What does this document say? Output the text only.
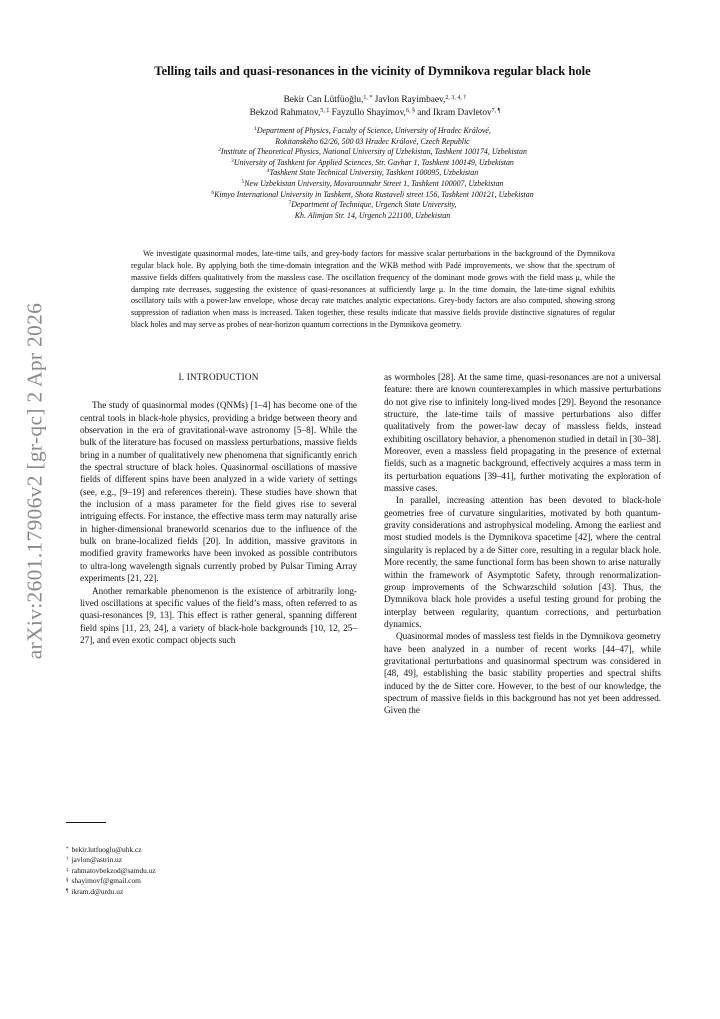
arXiv:2601.17906v2 [gr-qc] 2 Apr 2026
Telling tails and quasi-resonances in the vicinity of Dymnikova regular black hole
Bekir Can Lütfüoğlu,$^{1, *}$ Javlon Rayimbaev,$^{2, 3, 4, \dagger}$
Bekzod Rahmatov,$^{5, \ddagger}$ Fayzullo Shayimov,$^{6, \S}$ and Ikram Davletov$^{7, \P}$
$^1$Department of Physics, Faculty of Science, University of Hradec Králové,
Rokitanského 62/26, 500 03 Hradec Králové, Czech Republic
$^2$Institute of Theoretical Physics, National University of Uzbekistan, Tashkent 100174, Uzbekistan
$^3$University of Tashkent for Applied Sciences, Str. Gavhar 1, Tashkent 100149, Uzbekistan
$^4$Tashkent State Technical University, Tashkent 100095, Uzbekistan
$^5$New Uzbekistan University, Movarounnahr Street 1, Tashkent 100007, Uzbekistan
$^6$Kimyo International University in Tashkent, Shota Rustaveli street 156, Tashkent 100121, Uzbekistan
$^7$Department of Technique, Urgench State University,
Kh. Alimjan Str. 14, Urgench 221100, Uzbekistan
We investigate quasinormal modes, late-time tails, and grey-body factors for massive scalar perturbations in the background of the Dymnikova regular black hole. By applying both the time-domain integration and the WKB method with Padé improvements, we show that the spectrum of massive fields differs qualitatively from the massless case. The oscillation frequency of the dominant mode grows with the field mass μ, while the damping rate decreases, suggesting the existence of quasi-resonances at sufficiently large μ. In the time domain, the late-time signal exhibits oscillatory tails with a power-law envelope, whose decay rate matches analytic expectations. Grey-body factors are also computed, showing strong suppression of radiation when mass is increased. Taken together, these results indicate that massive fields provide distinctive signatures of regular black holes and may serve as probes of near-horizon quantum corrections in the Dymnikova geometry.
I. INTRODUCTION

The study of quasinormal modes (QNMs) [1–4] has become one of the central tools in black-hole physics, providing a bridge between theory and observation in the era of gravitational-wave astronomy [5–8]. While the bulk of the literature has focused on massless perturbations, massive fields bring in a number of qualitatively new phenomena that significantly enrich the spectral structure of black holes. Quasinormal oscillations of massive fields of different spins have been analyzed in a wide variety of settings (see, e.g., [9–19] and references therein). These studies have shown that the inclusion of a mass parameter for the field gives rise to several intriguing effects. For instance, the effective mass term may naturally arise in higher-dimensional braneworld scenarios due to the influence of the bulk on brane-localized fields [20]. In addition, massive gravitons in modified gravity frameworks have been invoked as possible contributors to ultra-long wavelength signals currently probed by Pulsar Timing Array experiments [21, 22].

Another remarkable phenomenon is the existence of arbitrarily long-lived oscillations at specific values of the field’s mass, often referred to as quasi-resonances [9, 13]. This effect is rather general, spanning different field spins [11, 23, 24], a variety of black-hole backgrounds [10, 12, 25–27], and even exotic compact objects such

as wormholes [28]. At the same time, quasi-resonances are not a universal feature: there are known counterexamples in which massive perturbations do not give rise to infinitely long-lived modes [29]. Beyond the resonance structure, the late-time tails of massive perturbations also differ qualitatively from the power-law decay of massless fields, instead exhibiting oscillatory behavior, a phenomenon studied in detail in [30–38]. Moreover, even a massless field propagating in the presence of external fields, such as a magnetic background, effectively acquires a mass term in its perturbation equations [39–41], further motivating the exploration of massive cases.

In parallel, increasing attention has been devoted to black-hole geometries free of curvature singularities, motivated by both quantum-gravity considerations and astrophysical modeling. Among the earliest and most studied models is the Dymnikova spacetime [42], where the central singularity is replaced by a de Sitter core, resulting in a regular black hole. More recently, the same functional form has been shown to arise naturally within the framework of Asymptotic Safety, through renormalization-group improvements of the Schwarzschild solution [43]. Thus, the Dymnikova black hole provides a useful testing ground for probing the interplay between regularity, quantum corrections, and perturbation dynamics.

Quasinormal modes of massless test fields in the Dymnikova geometry have been analyzed in a number of recent works [44–47], while gravitational perturbations and quasinormal spectrum was considered in [48, 49], establishing the basic stability properties and spectral shifts induced by the de Sitter core. However, to the best of our knowledge, the spectrum of massive fields in this background has not yet been addressed. Given the

* bekir.lutfuoglu@uhk.cz
† javlon@astrin.uz
‡ rahmatovbekzod@samdu.uz
§ shayimovf@gmail.com
¶ ikram.d@urdu.uz
